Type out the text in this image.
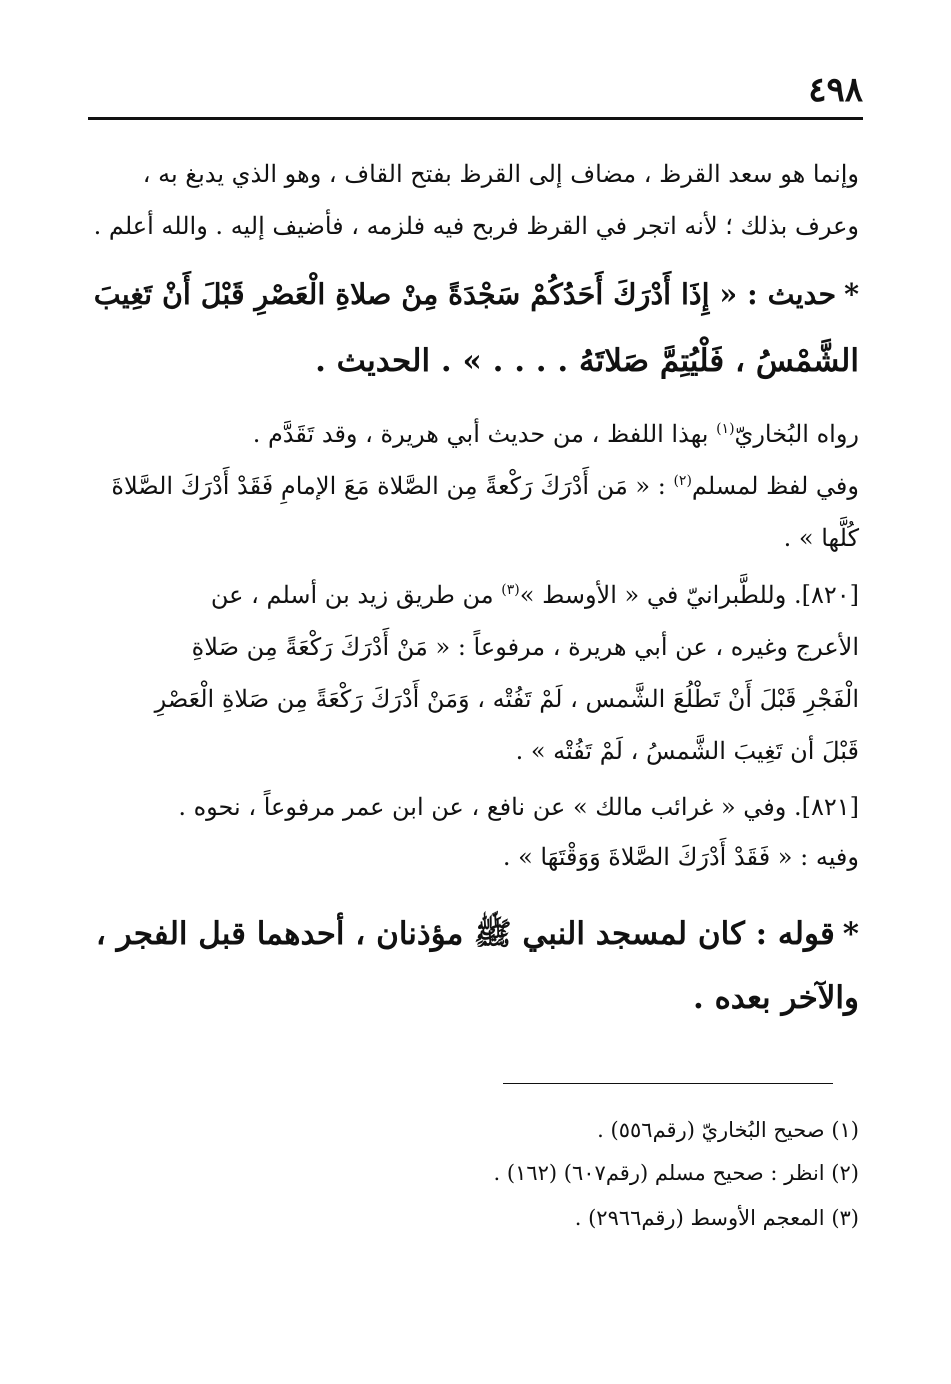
٤٩٨
وإنما هو سعد القرظ ، مضاف إلى القرظ بفتح القاف ، وهو الذي يدبغ به ،
وعرف بذلك ؛ لأنه اتجر في القرظ فربح فيه فلزمه ، فأضيف إليه . والله أعلم .
*حديث : « إِذَا أَدْرَكَ أَحَدُكُمْ سَجْدَةً مِنْ صلاةِ الْعَصْرِ قَبْلَ أَنْ تَغِيبَ
الشَّمْسُ ، فَلْيُتِمَّ صَلاتَهُ . . . . » . الحديث .
رواه البُخاريّ$^{(١)}$ بهذا اللفظ ، من حديث أبي هريرة ، وقد تَقَدَّم .
وفي لفظ لمسلم$^{(٢)}$ : « مَن أَدْرَكَ رَكْعةً مِن الصَّلاة مَعَ الإمامِ فَقَدْ أَدْرَكَ الصَّلاةَ
كُلَّها » .
[٨٢٠]. وللطَّبرانيّ في « الأوسط »$^{(٣)}$ من طريق زيد بن أسلم ، عن
الأعرج وغيره ، عن أبي هريرة ، مرفوعاً : « مَنْ أَدْرَكَ رَكْعَةً مِن صَلاةِ
الْفَجْرِ قَبْلَ أَنْ تَطْلُعَ الشَّمس ، لَمْ تَفُتْه ، وَمَنْ أَدْرَكَ رَكْعَةً مِن صَلاةِ الْعَصْرِ
قَبْلَ أن تَغِيبَ الشَّمسُ ، لَمْ تَفُتْه » .
[٨٢١]. وفي « غرائب مالك » عن نافع ، عن ابن عمر مرفوعاً ، نحوه .
وفيه : « فَقَدْ أَدْرَكَ الصَّلاةَ وَوَقْتَهَا » .
*قوله : كان لمسجد النبي ﷺ مؤذنان ، أحدهما قبل الفجر ،
والآخر بعده .
(١) صحيح البُخاريّ (رقم٥٥٦) .
(٢) انظر : صحيح مسلم (رقم٦٠٧) (١٦٢) .
(٣) المعجم الأوسط (رقم٢٩٦٦) .
